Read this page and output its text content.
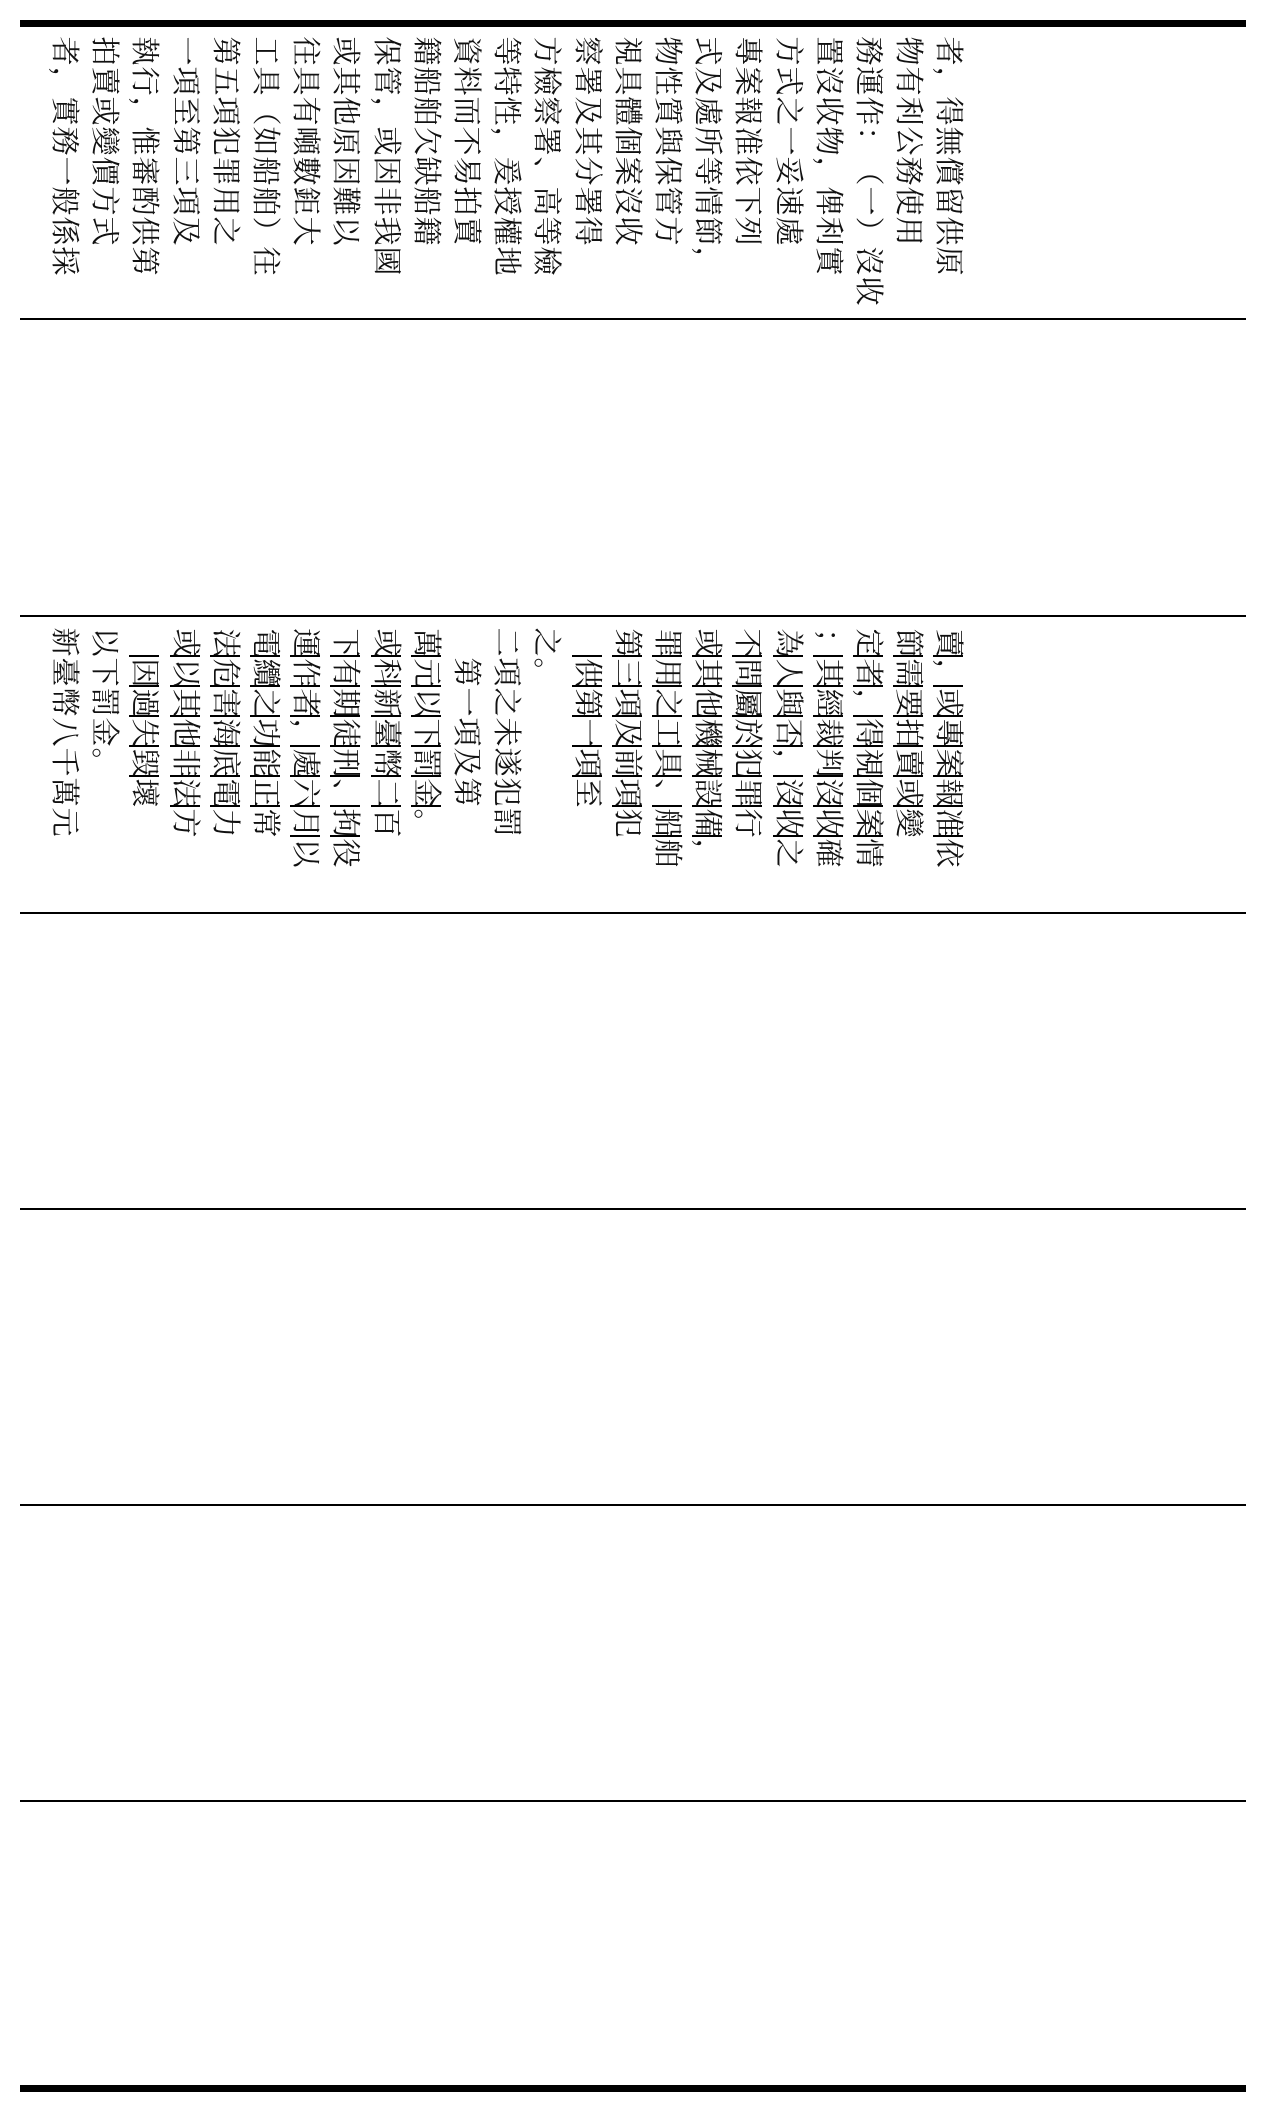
者
，
實
務
一
般
係
採
拍
賣
或
變
價
方
式
執
行
，
惟
審
酌
供
第
一
項
至
第
三
項
及
第
五
項
犯
罪
用
之
工
具
（
如
船
舶
）
往
往
具
有
噸
數
鉅
大
或
其
他
原
因
難
以
保
管
，
或
因
非
我
國
籍
船
舶
欠
缺
船
籍
資
料
而
不
易
拍
賣
等
特
性
，
爰
授
權
地
方
檢
察
署
、
高
等
檢
察
署
及
其
分
署
得
視
具
體
個
案
沒
收
物
性
質
與
保
管
方
式
及
處
所
等
情
節
，
專
案
報
准
依
下
列
方
式
之
一
妥
速
處
置
沒
收
物
，
俾
利
實
務
運
作
：
（
一
）
沒
收
物
有
利
公
務
使
用
者
，
得
無
償
留
供
原
新
臺
幣
八
千
萬
元
以
下
罰
金
。

因
過
失
毀
壞
或
以
其
他
非
法
方
法
危
害
海
底
電
力
電
纜
之
功
能
正
常
運
作
者
，
處
六
月
以
下
有
期
徒
刑
、
拘
役
或
科
新
臺
幣
二
百
萬
元
以
下
罰
金
。

第
一
項
及
第
二
項
之
未
遂
犯
罰
之
。
　 供
第
一
項
至
第
三
項
及
前
項
犯
罪
用
之
工
具
、
船
舶
或
其
他
機
械
設
備
，
不
問
屬
於
犯
罪
行
為
人
與
否
，
沒
收
之
；
其
經
裁
判
沒
收
確
定
者
，
得
視
個
案
情
節
需
要
拍
賣
或
變
賣
，
或
專
案
報
准
依
